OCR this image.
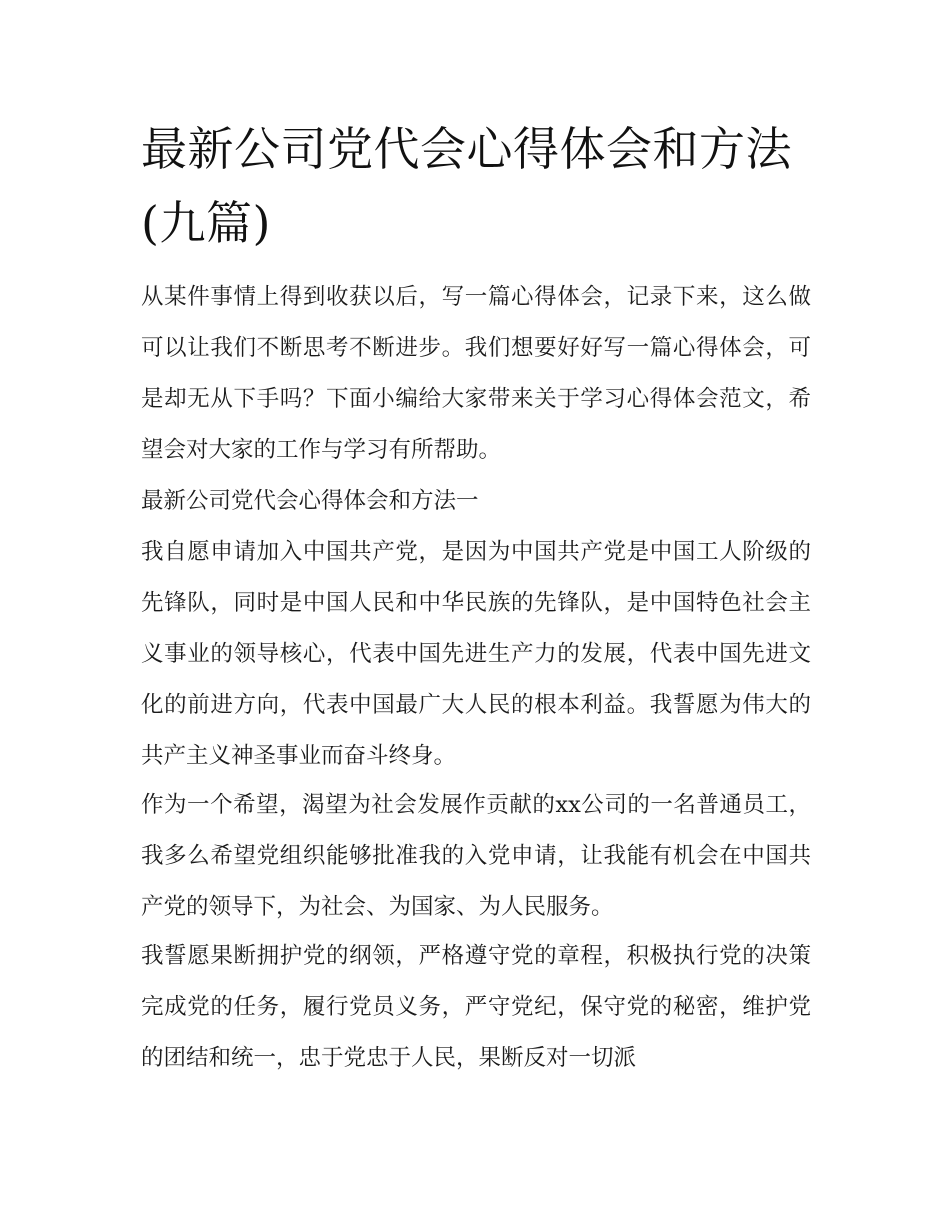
最新公司党代会心得体会和方法(九篇)

从某件事情上得到收获以后，写一篇心得体会，记录下来，这么做可以让我们不断思考不断进步。我们想要好好写一篇心得体会，可是却无从下手吗？下面小编给大家带来关于学习心得体会范文，希望会对大家的工作与学习有所帮助。

最新公司党代会心得体会和方法一

我自愿申请加入中国共产党，是因为中国共产党是中国工人阶级的先锋队，同时是中国人民和中华民族的先锋队，是中国特色社会主义事业的领导核心，代表中国先进生产力的发展，代表中国先进文化的前进方向，代表中国最广大人民的根本利益。我誓愿为伟大的共产主义神圣事业而奋斗终身。

作为一个希望，渴望为社会发展作贡献的xx公司的一名普通员工，我多么希望党组织能够批准我的入党申请，让我能有机会在中国共产党的领导下，为社会、为国家、为人民服务。

我誓愿果断拥护党的纲领，严格遵守党的章程，积极执行党的决策完成党的任务，履行党员义务，严守党纪，保守党的秘密，维护党的团结和统一，忠于党忠于人民，果断反对一切派
